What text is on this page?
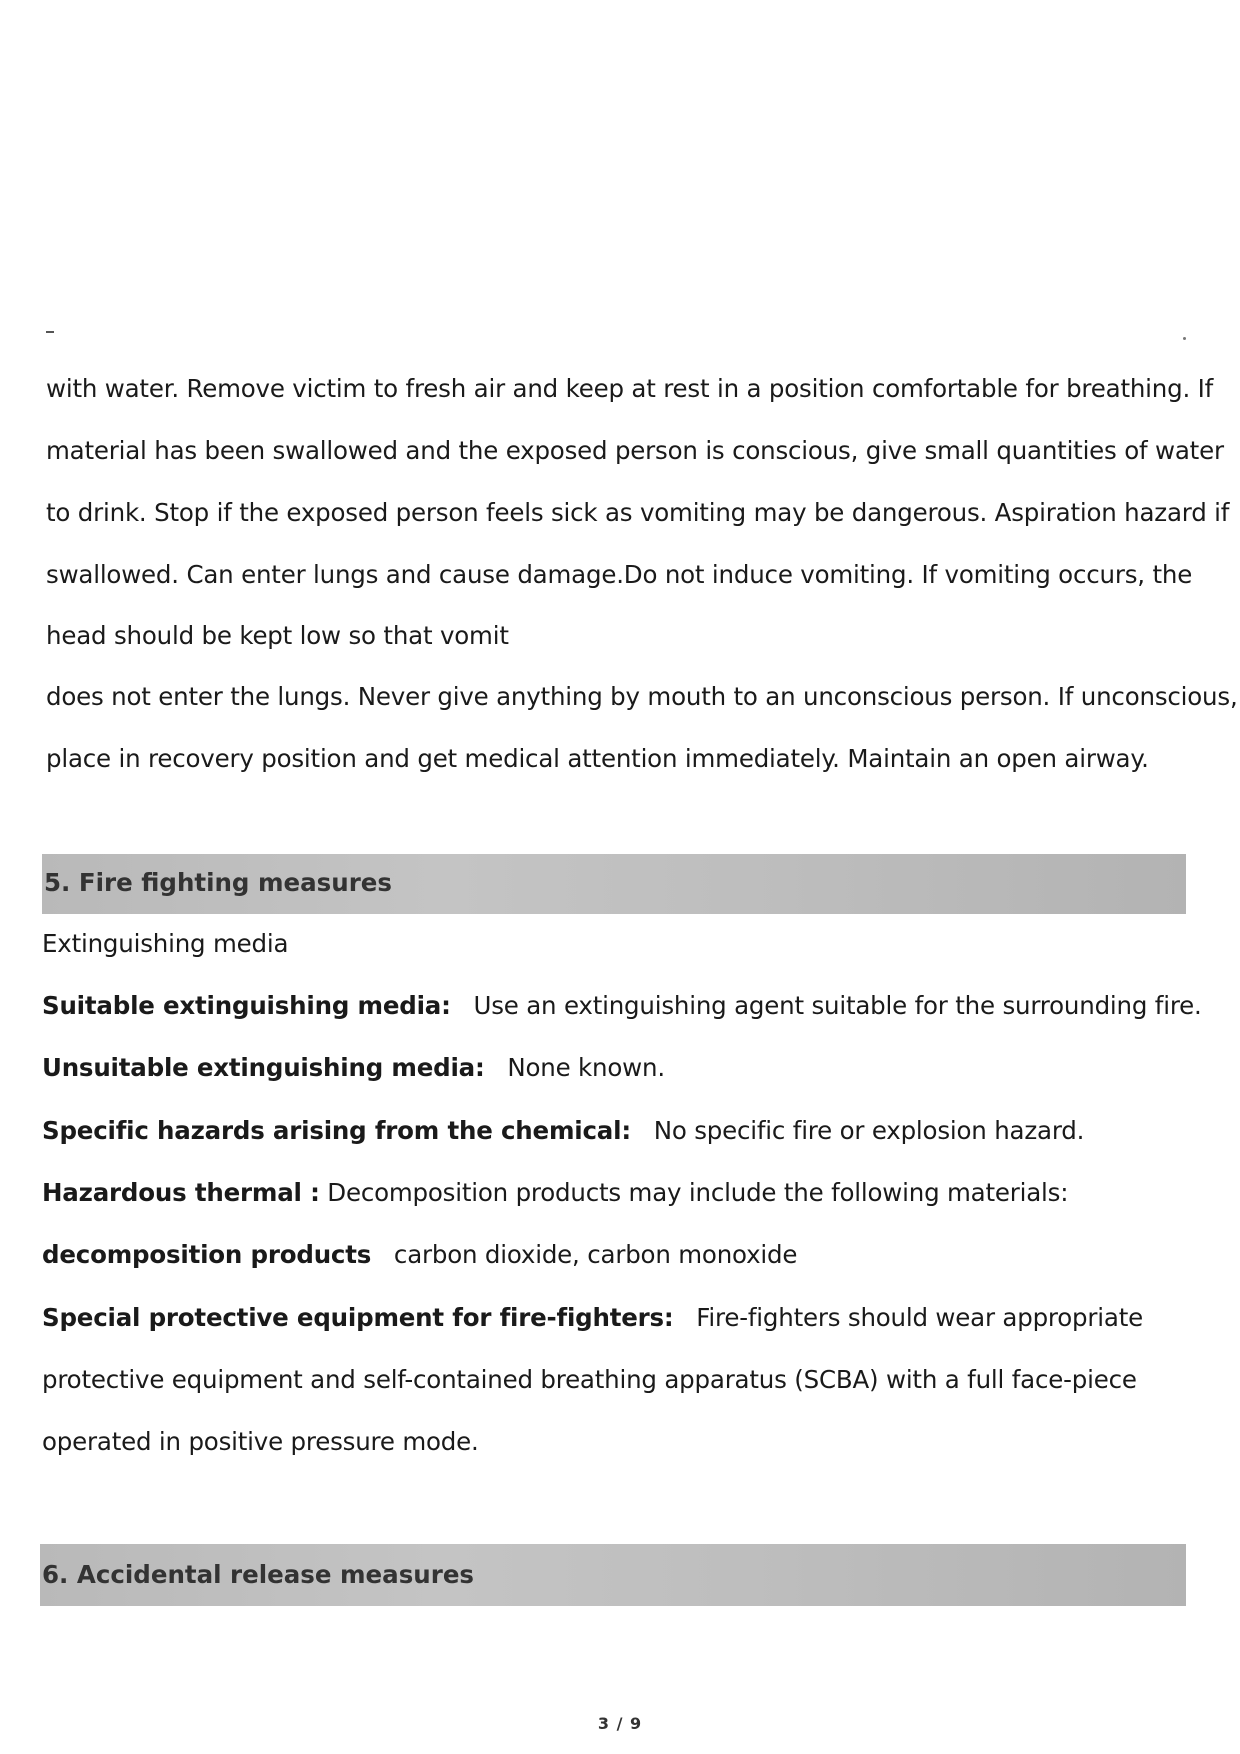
with water. Remove victim to fresh air and keep at rest in a position comfortable for breathing. If
material has been swallowed and the exposed person is conscious, give small quantities of water
to drink. Stop if the exposed person feels sick as vomiting may be dangerous. Aspiration hazard if
swallowed. Can enter lungs and cause damage.Do not induce vomiting. If vomiting occurs, the
head should be kept low so that vomit
does not enter the lungs. Never give anything by mouth to an unconscious person. If unconscious,
place in recovery position and get medical attention immediately. Maintain an open airway.
5. Fire fighting measures
Extinguishing media
Suitable extinguishing media: Use an extinguishing agent suitable for the surrounding fire.
Unsuitable extinguishing media: None known.
Specific hazards arising from the chemical: No specific fire or explosion hazard.
Hazardous thermal : Decomposition products may include the following materials:
decomposition products carbon dioxide, carbon monoxide
Special protective equipment for fire-fighters: Fire-fighters should wear appropriate
protective equipment and self-contained breathing apparatus (SCBA) with a full face-piece
operated in positive pressure mode.
6. Accidental release measures
3 / 9
